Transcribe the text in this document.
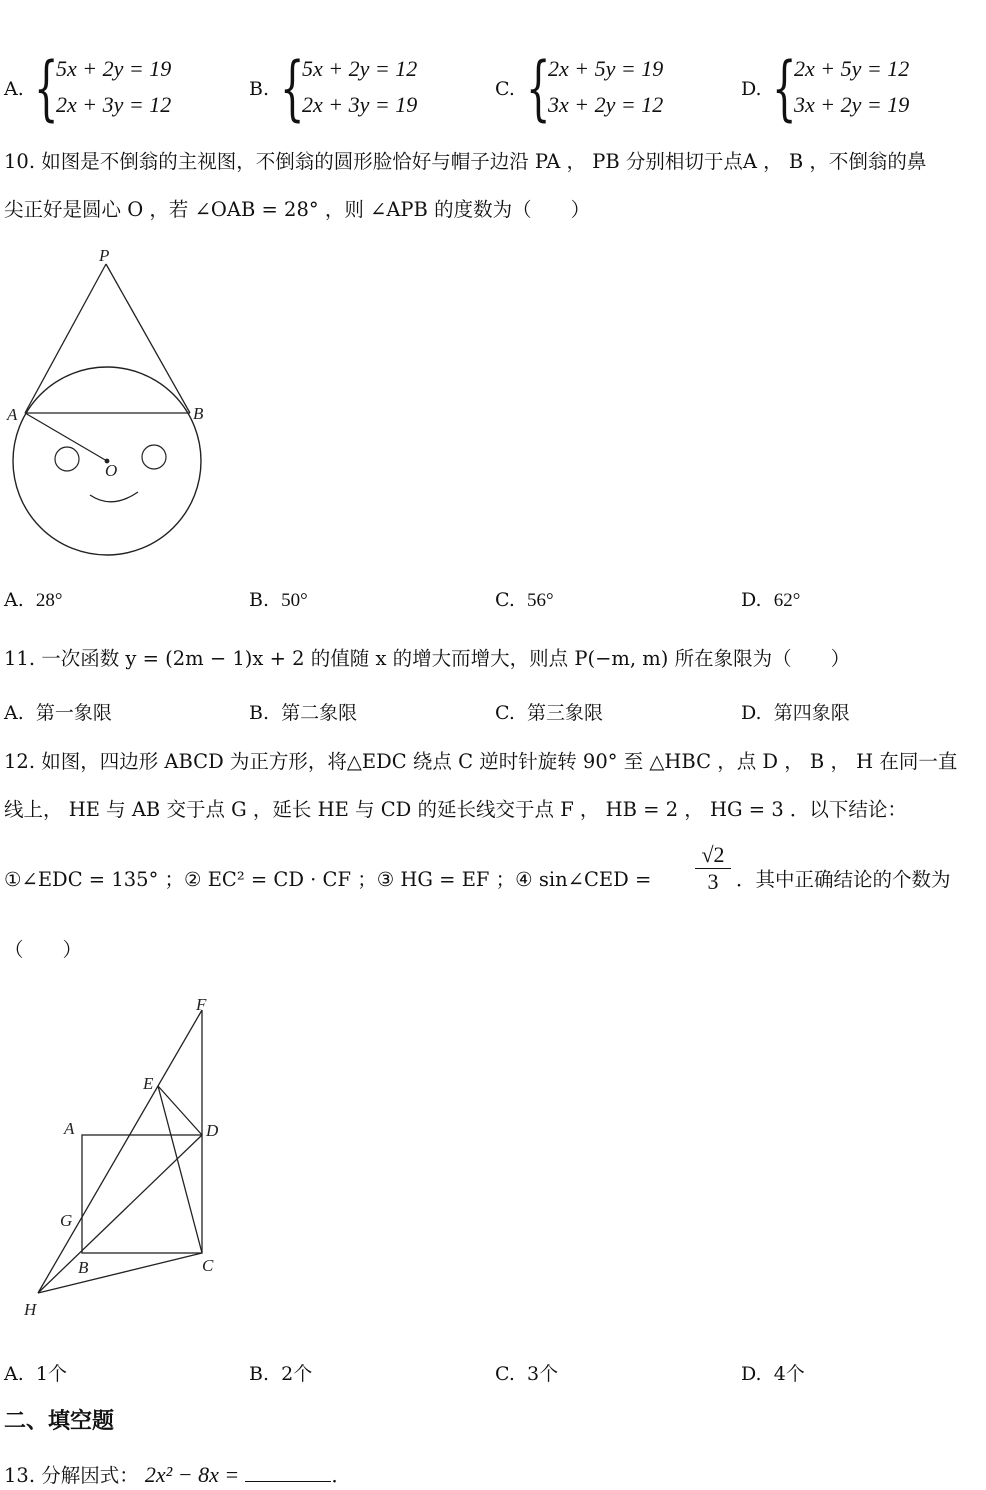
A. {
5x + 2y = 19
2x + 3y = 12
B. {
5x + 2y = 12
2x + 3y = 19
C. {
2x + 5y = 19
3x + 2y = 12
D. {
2x + 5y = 12
3x + 2y = 19
10. 如图是不倒翁的主视图，不倒翁的圆形脸恰好与帽子边沿 PA ， PB 分别相切于点A ， B ，不倒翁的鼻
尖正好是圆心 O ，若 ∠OAB = 28° ，则 ∠APB 的度数为（　　）
P
A	B
O
A. 28°	B. 50°	C. 56°	D. 62°
11. 一次函数 y = (2m − 1)x + 2 的值随 x 的增大而增大，则点 P(−m, m) 所在象限为（　　）
A. 第一象限	B. 第二象限	C. 第三象限	D. 第四象限
12. 如图，四边形 ABCD 为正方形，将△EDC 绕点 C 逆时针旋转 90° 至 △HBC ，点 D ， B ， H 在同一直
线上， HE 与 AB 交于点 G ，延长 HE 与 CD 的延长线交于点 F ， HB = 2 ， HG = 3 ．以下结论：
①∠EDC = 135° ；② EC² = CD · CF ；③ HG = EF ；④ sin∠CED = $\frac{√2}{3}$ ．其中正确结论的个数为
（　　）
F
E
A	D
G
B	C
H
A. 1个	B. 2个	C. 3个	D. 4个
二、填空题
13. 分解因式： 2x² − 8x =	．
